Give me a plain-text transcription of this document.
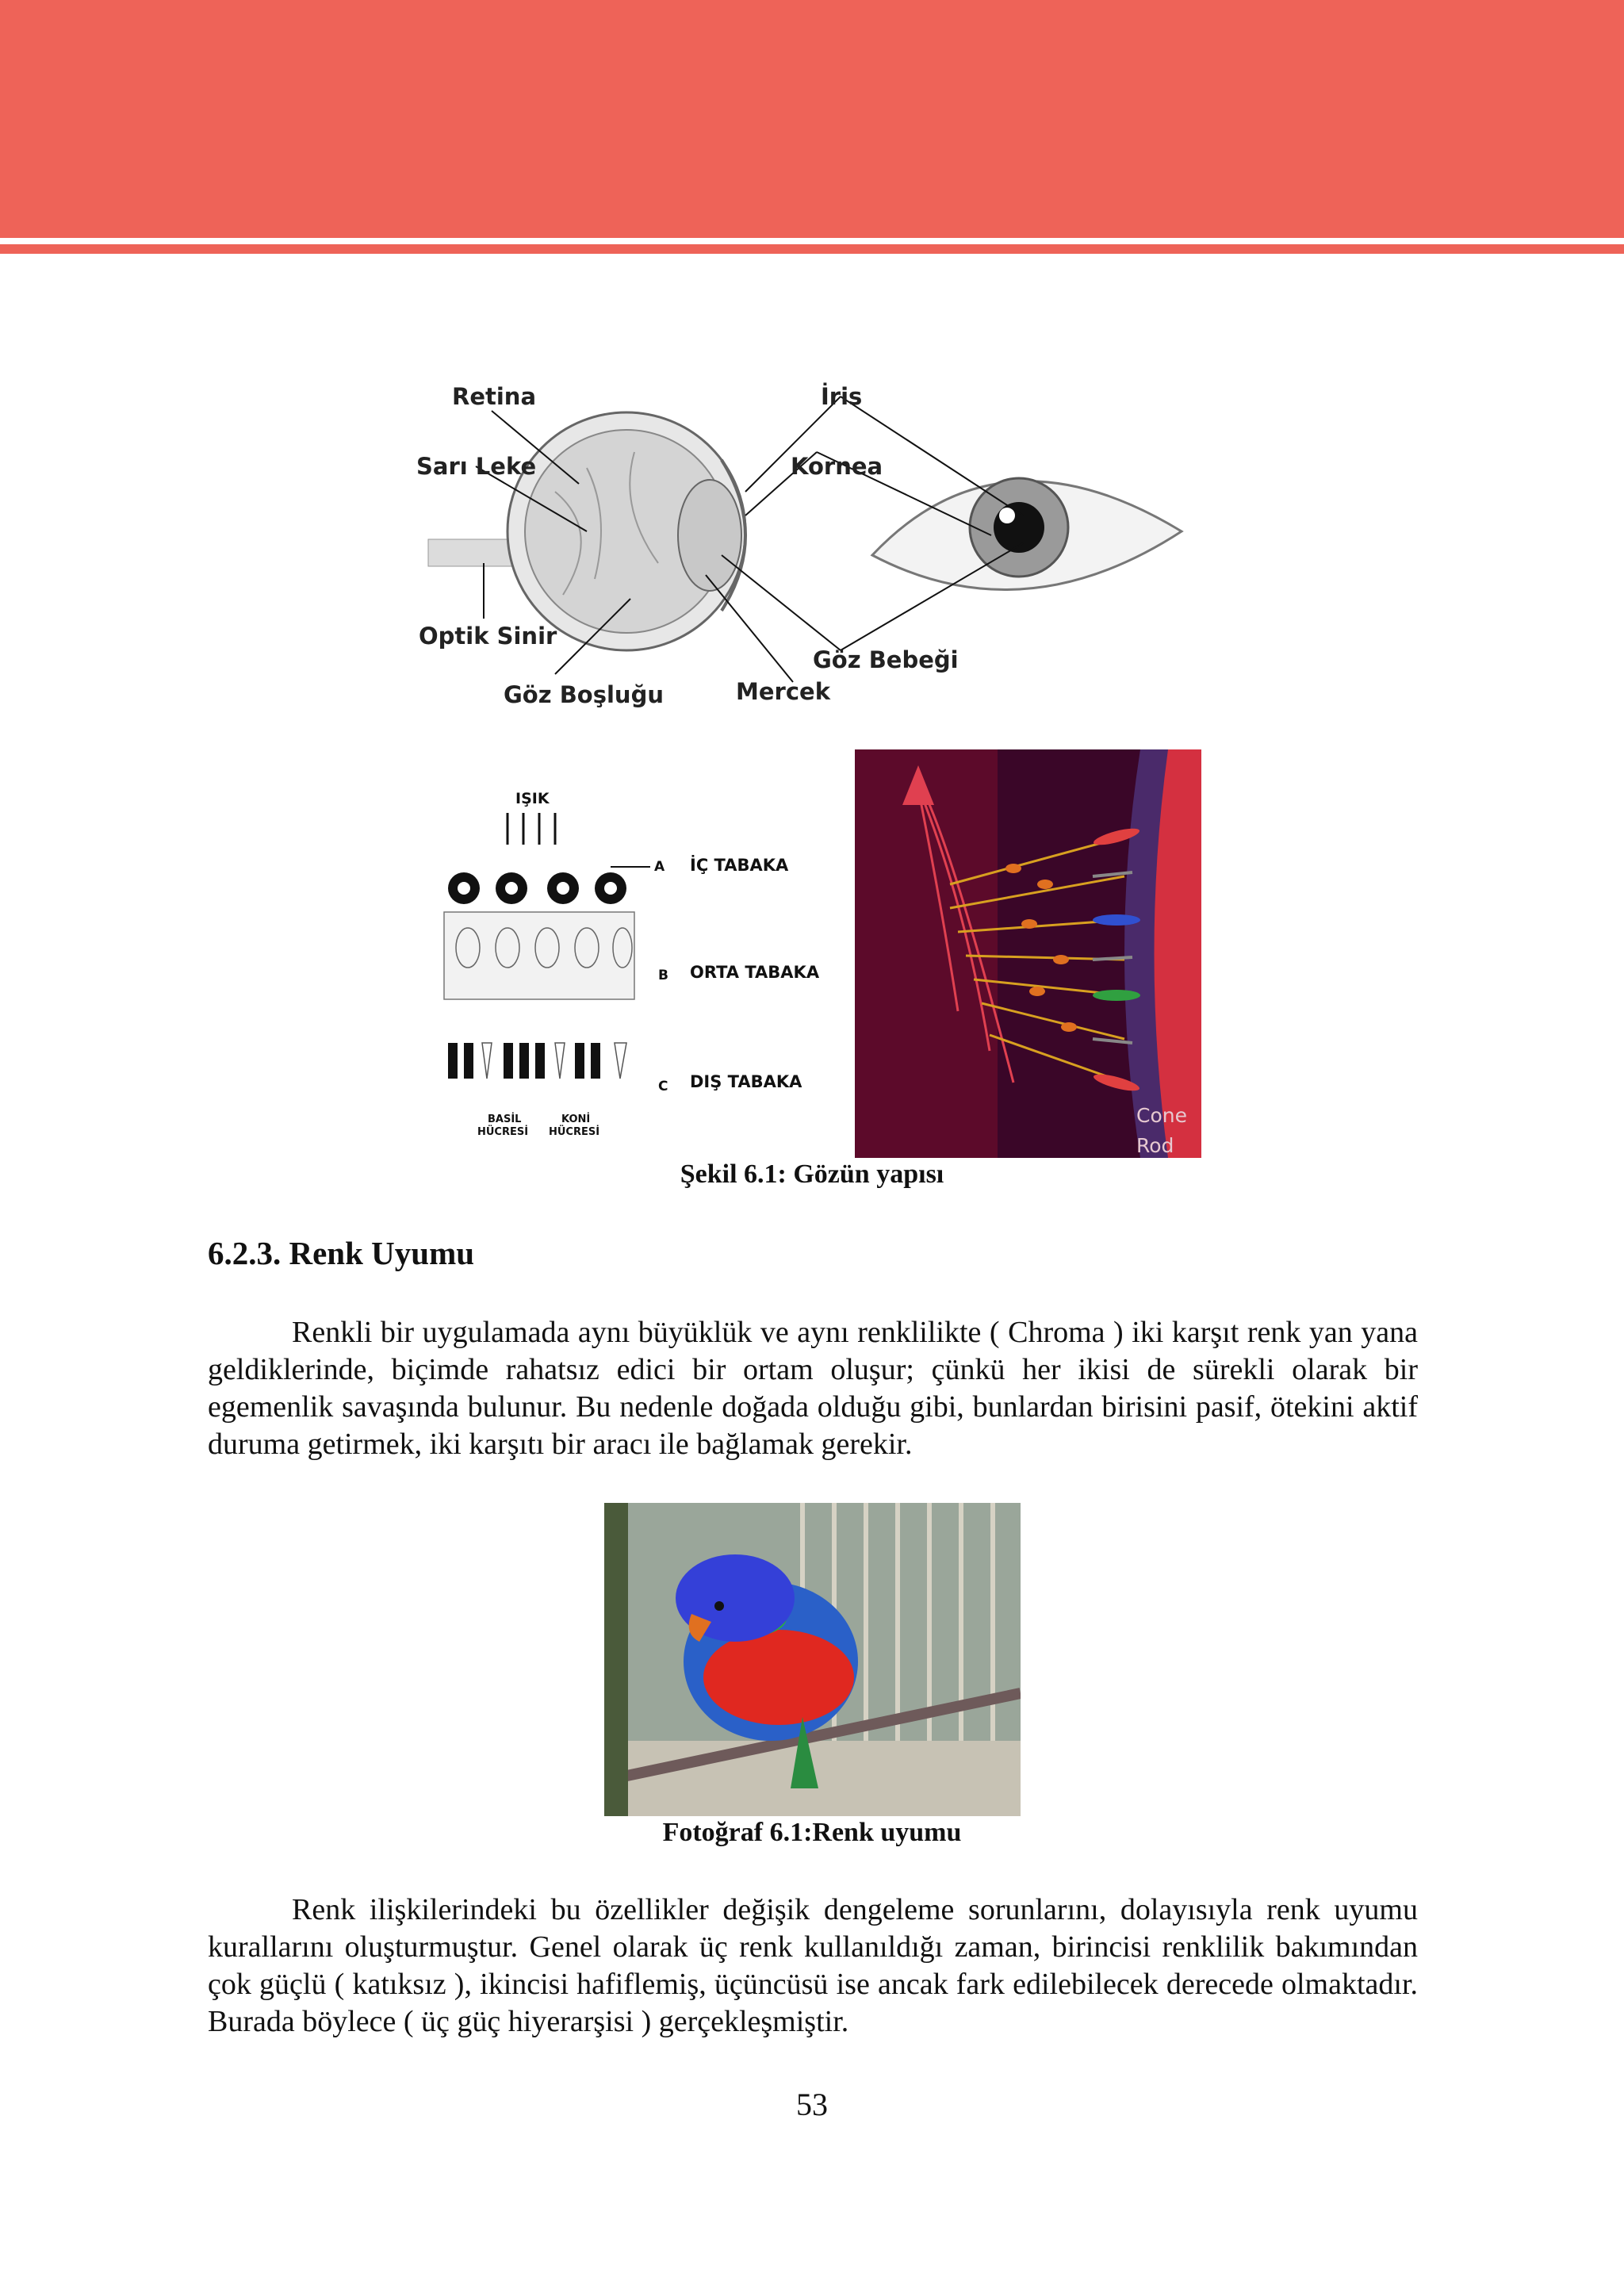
Retina
Sarı Leke
Optik Sinir
Göz Boşluğu
İris
Kornea
Göz Bebeği
Mercek
IŞIK
A İÇ TABAKA
B ORTA TABAKA
C DIŞ TABAKA
BASİL
HÜCRESİ
KONİ
HÜCRESİ
Cone
Rod
Şekil 6.1: Gözün yapısı
6.2.3. Renk Uyumu

Renkli bir uygulamada aynı büyüklük ve aynı renklilikte ( Chroma ) iki karşıt renk yan yana geldiklerinde, biçimde rahatsız edici bir ortam oluşur; çünkü her ikisi de sürekli olarak bir egemenlik savaşında bulunur. Bu nedenle doğada olduğu gibi, bunlardan birisini pasif, ötekini aktif duruma getirmek, iki karşıtı bir aracı ile bağlamak gerekir.

Fotoğraf 6.1:Renk uyumu

Renk ilişkilerindeki bu özellikler değişik dengeleme sorunlarını, dolayısıyla renk uyumu kurallarını oluşturmuştur. Genel olarak üç renk kullanıldığı zaman, birincisi renklilik bakımından çok güçlü ( katıksız ), ikincisi hafiflemiş, üçüncüsü ise ancak fark edilebilecek derecede olmaktadır. Burada böylece ( üç güç hiyerarşisi ) gerçekleşmiştir.

53
